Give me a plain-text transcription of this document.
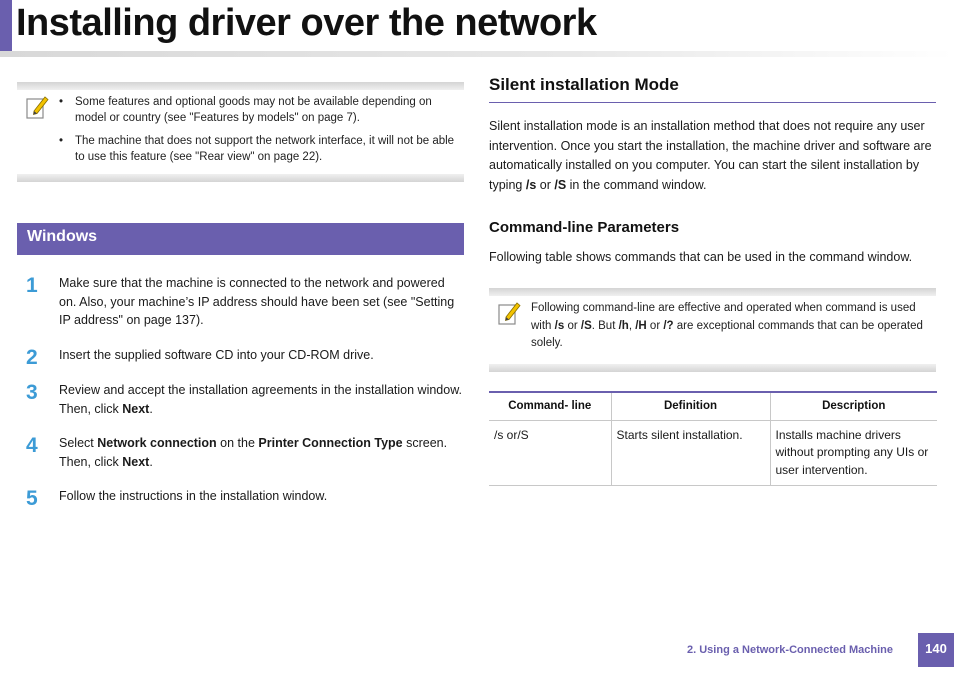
Installing driver over the network
• Some features and optional goods may not be available depending on model or country (see "Features by models" on page 7).
• The machine that does not support the network interface, it will not be able to use this feature (see "Rear view" on page 22).
Windows
1	Make sure that the machine is connected to the network and powered on. Also, your machine’s IP address should have been set (see "Setting IP address" on page 137).
2	Insert the supplied software CD into your CD-ROM drive.
3	Review and accept the installation agreements in the installation window. Then, click Next.
4	Select Network connection on the Printer Connection Type screen. Then, click Next.
5	Follow the instructions in the installation window.
Silent installation Mode

Silent installation mode is an installation method that does not require any user intervention. Once you start the installation, the machine driver and software are automatically installed on you computer. You can start the silent installation by typing /s or /S in the command window.

Command-line Parameters

Following table shows commands that can be used in the command window.

Following command-line are effective and operated when command is used with /s or /S. But /h, /H or /? are exceptional commands that can be operated solely.
Command- line	Definition	Description
/s or/S	Starts silent installation.	Installs machine drivers without prompting any UIs or user intervention.
2. Using a Network-Connected Machine	140
